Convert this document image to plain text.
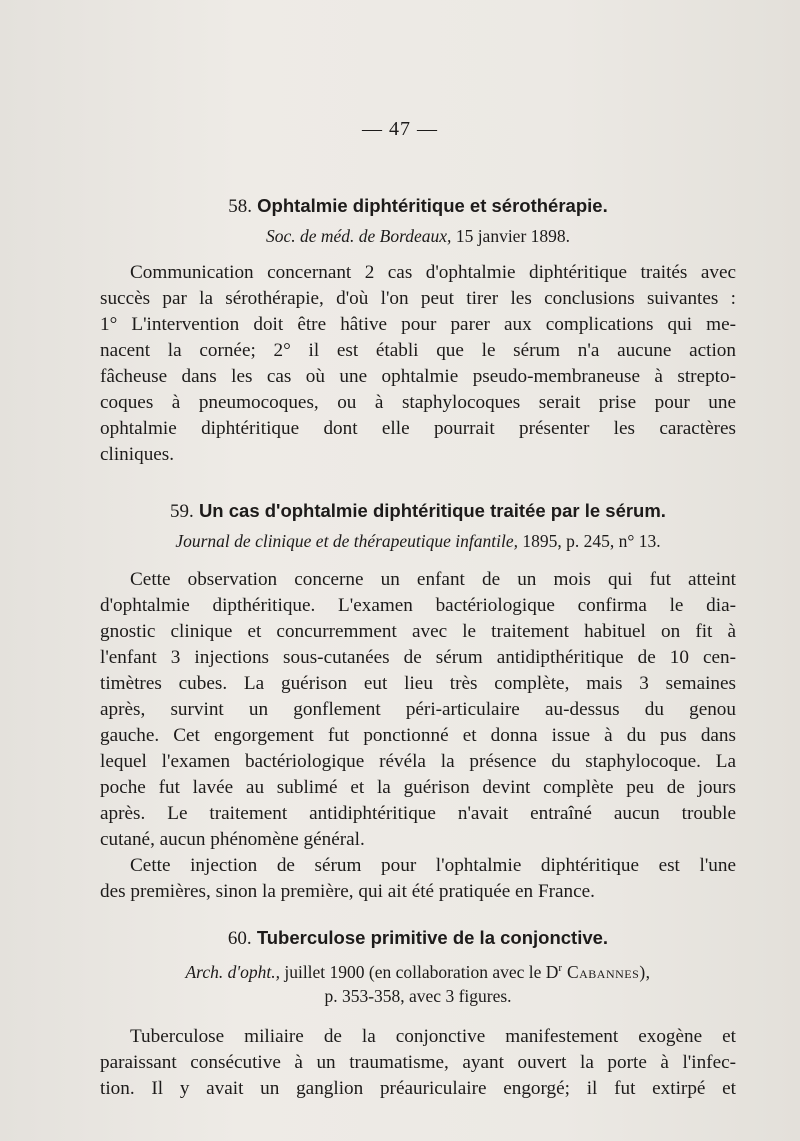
— 47 —
58. Ophtalmie diphtéritique et sérothérapie.
Soc. de méd. de Bordeaux, 15 janvier 1898.
Communication concernant 2 cas d'ophtalmie diphtéritique traités avec
succès par la sérothérapie, d'où l'on peut tirer les conclusions suivantes :
1° L'intervention doit être hâtive pour parer aux complications qui me-
nacent la cornée; 2° il est établi que le sérum n'a aucune action
fâcheuse dans les cas où une ophtalmie pseudo-membraneuse à strepto-
coques à pneumocoques, ou à staphylocoques serait prise pour une
ophtalmie diphtéritique dont elle pourrait présenter les caractères
cliniques.
59. Un cas d'ophtalmie diphtéritique traitée par le sérum.
Journal de clinique et de thérapeutique infantile, 1895, p. 245, n° 13.
Cette observation concerne un enfant de un mois qui fut atteint
d'ophtalmie dipthéritique. L'examen bactériologique confirma le dia-
gnostic clinique et concurremment avec le traitement habituel on fit à
l'enfant 3 injections sous-cutanées de sérum antidipthéritique de 10 cen-
timètres cubes. La guérison eut lieu très complète, mais 3 semaines
après, survint un gonflement péri-articulaire au-dessus du genou
gauche. Cet engorgement fut ponctionné et donna issue à du pus dans
lequel l'examen bactériologique révéla la présence du staphylocoque. La
poche fut lavée au sublimé et la guérison devint complète peu de jours
après. Le traitement antidiphtéritique n'avait entraîné aucun trouble
cutané, aucun phénomène général.
Cette injection de sérum pour l'ophtalmie diphtéritique est l'une
des premières, sinon la première, qui ait été pratiquée en France.
60. Tuberculose primitive de la conjonctive.
Arch. d'opht., juillet 1900 (en collaboration avec le $D^r$ Cabannes),
p. 353-358, avec 3 figures.
Tuberculose miliaire de la conjonctive manifestement exogène et
paraissant consécutive à un traumatisme, ayant ouvert la porte à l'infec-
tion. Il y avait un ganglion préauriculaire engorgé; il fut extirpé et
